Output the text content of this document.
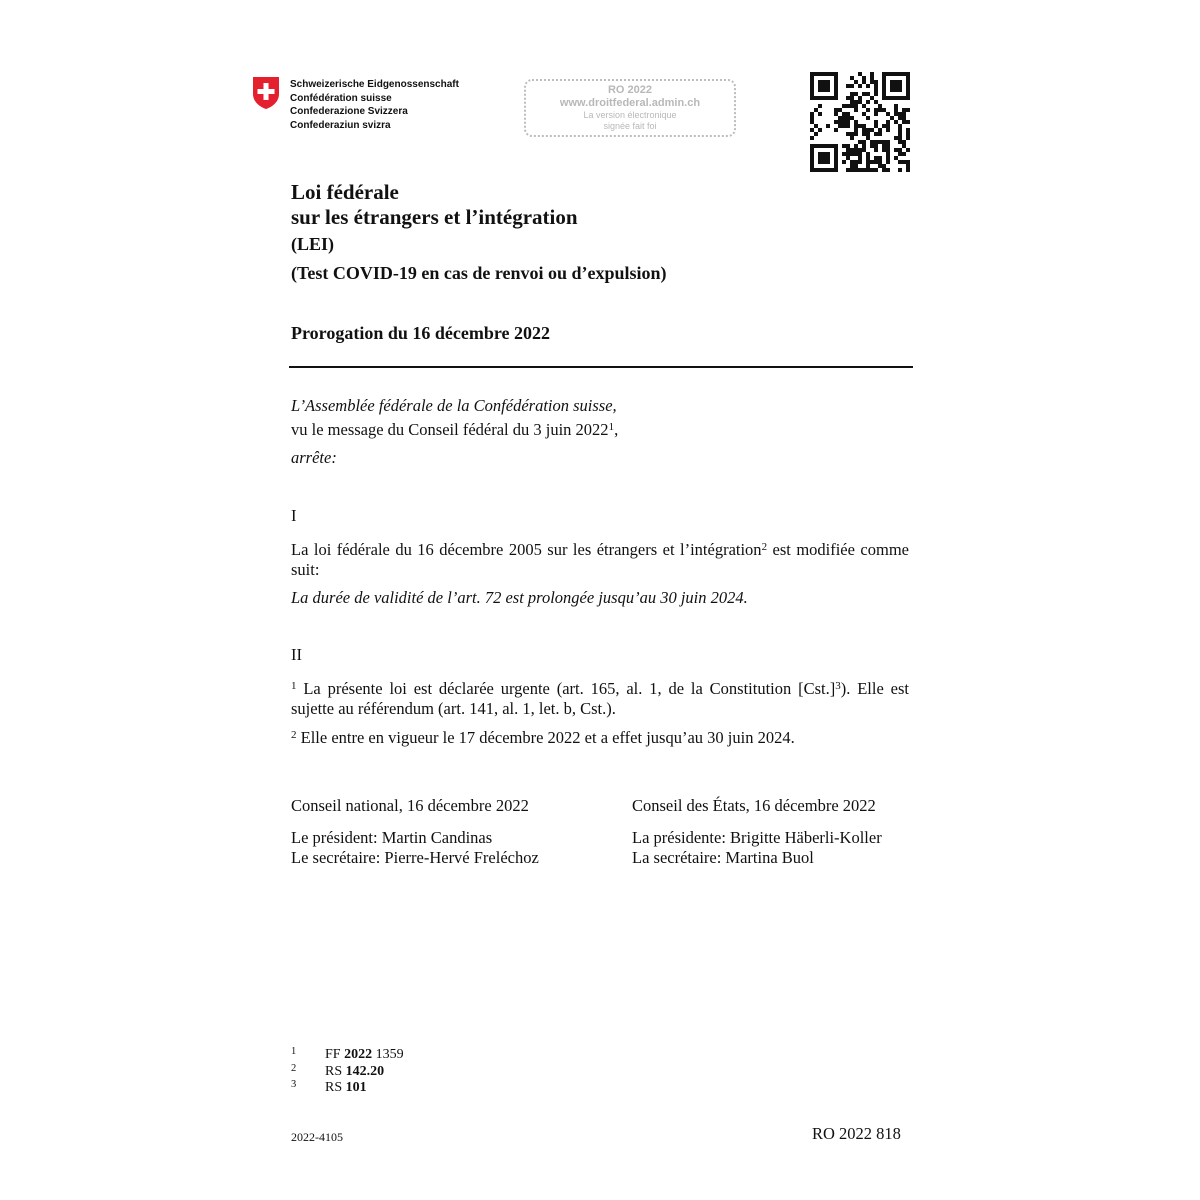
Schweizerische Eidgenossenschaft
Confédération suisse
Confederazione Svizzera
Confederaziun svizra
RO 2022
www.droitfederal.admin.ch
La version électronique
signée fait foi
Loi fédérale
sur les étrangers et l’intégration
(LEI)
(Test COVID-19 en cas de renvoi ou d’expulsion)
Prorogation du 16 décembre 2022
L’Assemblée fédérale de la Confédération suisse,
vu le message du Conseil fédéral du 3 juin 2022$^1$,
arrête:
I
La loi fédérale du 16 décembre 2005 sur les étrangers et l’intégration$^2$ est modifiée comme suit:
La durée de validité de l’art. 72 est prolongée jusqu’au 30 juin 2024.
II
$^1$ La présente loi est déclarée urgente (art. 165, al. 1, de la Constitution $[Cst.]^3$). Elle est sujette au référendum (art. 141, al. 1, let. b, Cst.).
$^2$ Elle entre en vigueur le 17 décembre 2022 et a effet jusqu’au 30 juin 2024.
Conseil national, 16 décembre 2022
Le président: Martin Candinas
Le secrétaire: Pierre-Hervé Freléchoz
Conseil des États, 16 décembre 2022
La présidente: Brigitte Häberli-Koller
La secrétaire: Martina Buol
1	FF 2022 1359
2	RS 142.20
3	RS 101
2022-4105	RO 2022 818
